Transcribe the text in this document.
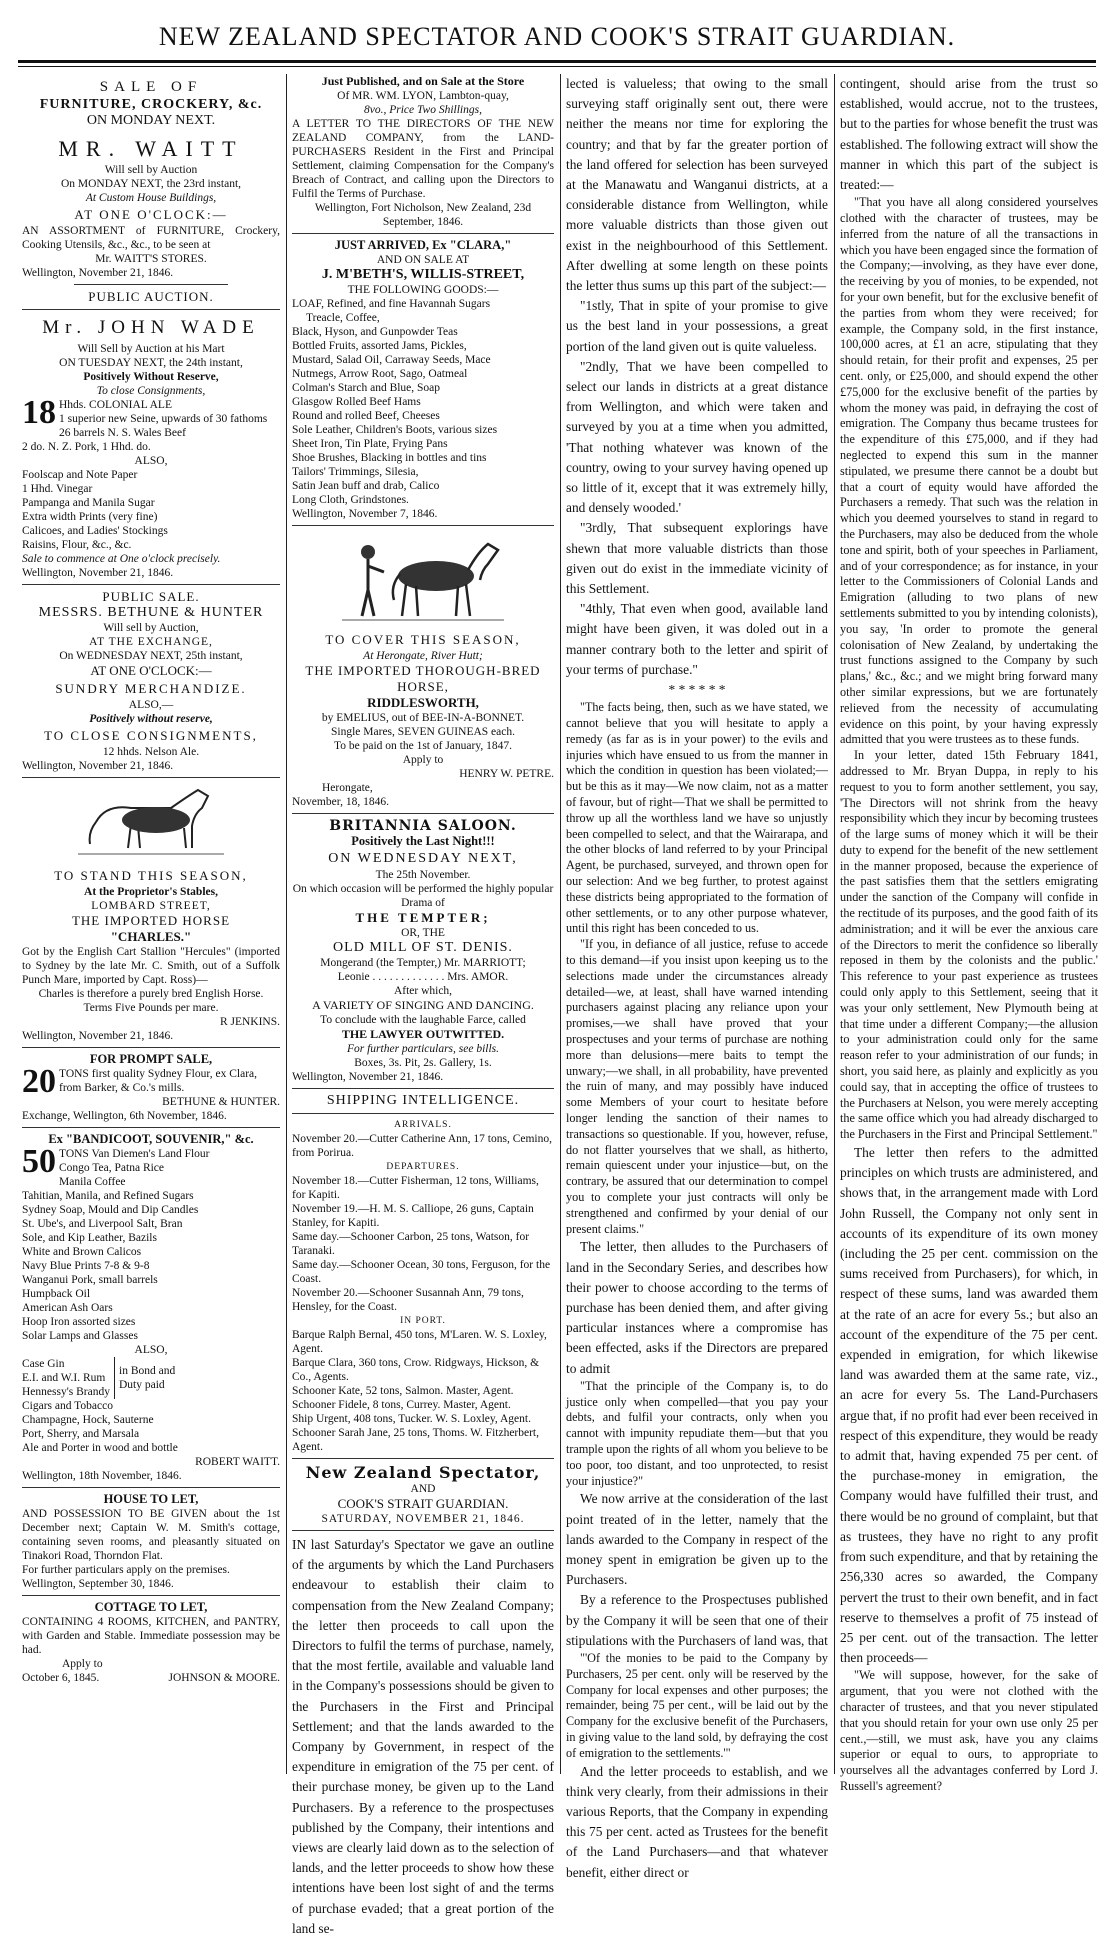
NEW ZEALAND SPECTATOR AND COOK'S STRAIT GUARDIAN.
SALE OF
FURNITURE, CROCKERY, &c.
ON MONDAY NEXT.
MR. WAITT
Will sell by Auction
On MONDAY NEXT, the 23rd instant,
At Custom House Buildings,
AT ONE O'CLOCK:—
AN ASSORTMENT of FURNITURE, Crockery, Cooking Utensils, &c., &c., to be seen at
Mr. WAITT'S STORES.
Wellington, November 21, 1846.
PUBLIC AUCTION.
Mr. JOHN WADE
Will Sell by Auction at his Mart
ON TUESDAY NEXT, the 24th instant,
Positively Without Reserve,
To close Consignments,
18 Hhds. COLONIAL ALE
1 superior new Seine, upwards of 30 fathoms
26 barrels N. S. Wales Beef
2 do. N. Z. Pork, 1 Hhd. do.
ALSO,
Foolscap and Note Paper
1 Hhd. Vinegar
Pampanga and Manila Sugar
Extra width Prints (very fine)
Calicoes, and Ladies' Stockings
Raisins, Flour, &c., &c.
Sale to commence at One o'clock precisely.
Wellington, November 21, 1846.
PUBLIC SALE.
MESSRS. BETHUNE & HUNTER
Will sell by Auction,
AT THE EXCHANGE,
On WEDNESDAY NEXT, 25th instant,
AT ONE O'CLOCK:—
SUNDRY MERCHANDIZE.
ALSO,—
Positively without reserve,
TO CLOSE CONSIGNMENTS,
12 hhds. Nelson Ale.
Wellington, November 21, 1846.
TO STAND THIS SEASON,
At the Proprietor's Stables,
LOMBARD STREET,
THE IMPORTED HORSE
"CHARLES."
Got by the English Cart Stallion "Hercules" (imported to Sydney by the late Mr. C. Smith, out of a Suffolk Punch Mare, imported by Capt. Ross)—
Charles is therefore a purely bred English Horse.
Terms Five Pounds per mare.
R JENKINS.
Wellington, November 21, 1846.
FOR PROMPT SALE,
20 TONS first quality Sydney Flour, ex Clara, from Barker, & Co.'s mills.
BETHUNE & HUNTER.
Exchange, Wellington, 6th November, 1846.
Ex "BANDICOOT, SOUVENIR," &c.
50 TONS Van Diemen's Land Flour
Congo Tea, Patna Rice
Manila Coffee
Tahitian, Manila, and Refined Sugars
Sydney Soap, Mould and Dip Candles
St. Ube's, and Liverpool Salt, Bran
Sole, and Kip Leather, Bazils
White and Brown Calicos
Navy Blue Prints 7-8 & 9-8
Wanganui Pork, small barrels
Humpback Oil
American Ash Oars
Hoop Iron assorted sizes
Solar Lamps and Glasses
ALSO,
Case Gin
E.I. and W.I. Rum
Hennessy's Brandy
in Bond and Duty paid
Cigars and Tobacco
Champagne, Hock, Sauterne
Port, Sherry, and Marsala
Ale and Porter in wood and bottle
ROBERT WAITT.
Wellington, 18th November, 1846.
HOUSE TO LET,
AND POSSESSION TO BE GIVEN about the 1st December next; Captain W. M. Smith's cottage, containing seven rooms, and pleasantly situated on Tinakori Road, Thorndon Flat.
For further particulars apply on the premises.
Wellington, September 30, 1846.
COTTAGE TO LET,
CONTAINING 4 ROOMS, KITCHEN, and PANTRY, with Garden and Stable. Immediate possession may be had.
Apply to
October 6, 1845.	JOHNSON & MOORE.
Just Published, and on Sale at the Store
Of MR. WM. LYON, Lambton-quay,
8vo., Price Two Shillings,
A LETTER TO THE DIRECTORS OF THE NEW ZEALAND COMPANY, from the LAND-PURCHASERS Resident in the First and Principal Settlement, claiming Compensation for the Company's Breach of Contract, and calling upon the Directors to Fulfil the Terms of Purchase.
Wellington, Fort Nicholson, New Zealand, 23d September, 1846.
JUST ARRIVED, Ex "CLARA,"
AND ON SALE AT
J. M'BETH'S, WILLIS-STREET,
THE FOLLOWING GOODS:—
LOAF, Refined, and fine Havannah Sugars
Treacle, Coffee,
Black, Hyson, and Gunpowder Teas
Bottled Fruits, assorted Jams, Pickles,
Mustard, Salad Oil, Carraway Seeds, Mace
Nutmegs, Arrow Root, Sago, Oatmeal
Colman's Starch and Blue, Soap
Glasgow Rolled Beef Hams
Round and rolled Beef, Cheeses
Sole Leather, Children's Boots, various sizes
Sheet Iron, Tin Plate, Frying Pans
Shoe Brushes, Blacking in bottles and tins
Tailors' Trimmings, Silesia,
Satin Jean buff and drab, Calico
Long Cloth, Grindstones.
Wellington, November 7, 1846.
TO COVER THIS SEASON,
At Herongate, River Hutt;
THE IMPORTED THOROUGH-BRED HORSE,
RIDDLESWORTH,
by EMELIUS, out of BEE-IN-A-BONNET.
Single Mares, SEVEN GUINEAS each.
To be paid on the 1st of January, 1847.
Apply to
HENRY W. PETRE.
Herongate,
November, 18, 1846.
BRITANNIA SALOON.
Positively the Last Night!!!
ON WEDNESDAY NEXT,
The 25th November.
On which occasion will be performed the highly popular Drama of
THE TEMPTER;
OR, THE
OLD MILL OF ST. DENIS.
Mongerand (the Tempter,) Mr. MARRIOTT;
Leonie . . . . . . . . . . . . . Mrs. AMOR.
After which,
A VARIETY OF SINGING AND DANCING.
To conclude with the laughable Farce, called
THE LAWYER OUTWITTED.
For further particulars, see bills.
Boxes, 3s. Pit, 2s. Gallery, 1s.
Wellington, November 21, 1846.
SHIPPING INTELLIGENCE.
ARRIVALS.
November 20.—Cutter Catherine Ann, 17 tons, Cemino, from Porirua.
DEPARTURES.
November 18.—Cutter Fisherman, 12 tons, Williams, for Kapiti.
November 19.—H. M. S. Calliope, 26 guns, Captain Stanley, for Kapiti.
Same day.—Schooner Carbon, 25 tons, Watson, for Taranaki.
Same day.—Schooner Ocean, 30 tons, Ferguson, for the Coast.
November 20.—Schooner Susannah Ann, 79 tons, Hensley, for the Coast.
IN PORT.
Barque Ralph Bernal, 450 tons, M'Laren. W. S. Loxley, Agent.
Barque Clara, 360 tons, Crow. Ridgways, Hickson, & Co., Agents.
Schooner Kate, 52 tons, Salmon. Master, Agent.
Schooner Fidele, 8 tons, Currey. Master, Agent.
Ship Urgent, 408 tons, Tucker. W. S. Loxley, Agent.
Schooner Sarah Jane, 25 tons, Thoms. W. Fitzherbert, Agent.
New Zealand Spectator,
AND
COOK'S STRAIT GUARDIAN.
SATURDAY, NOVEMBER 21, 1846.

IN last Saturday's Spectator we gave an outline of the arguments by which the Land Purchasers endeavour to establish their claim to compensation from the New Zealand Company; the letter then proceeds to call upon the Directors to fulfil the terms of purchase, namely, that the most fertile, available and valuable land in the Company's possessions should be given to the Purchasers in the First and Principal Settlement; and that the lands awarded to the Company by Government, in respect of the expenditure in emigration of the 75 per cent. of their purchase money, be given up to the Land Purchasers. By a reference to the prospectuses published by the Company, their intentions and views are clearly laid down as to the selection of lands, and the letter proceeds to show how these intentions have been lost sight of and the terms of purchase evaded; that a great portion of the land se-

lected is valueless; that owing to the small surveying staff originally sent out, there were neither the means nor time for exploring the country; and that by far the greater portion of the land offered for selection has been surveyed at the Manawatu and Wanganui districts, at a considerable distance from Wellington, while more valuable districts than those given out exist in the neighbourhood of this Settlement. After dwelling at some length on these points the letter thus sums up this part of the subject:—

"1stly, That in spite of your promise to give us the best land in your possessions, a great portion of the land given out is quite valueless.

"2ndly, That we have been compelled to select our lands in districts at a great distance from Wellington, and which were taken and surveyed by you at a time when you admitted, 'That nothing whatever was known of the country, owing to your survey having opened up so little of it, except that it was extremely hilly, and densely wooded.'

"3rdly, That subsequent explorings have shewn that more valuable districts than those given out do exist in the immediate vicinity of this Settlement.

"4thly, That even when good, available land might have been given, it was doled out in a manner contrary both to the letter and spirit of your terms of purchase."

* * * * * *

"The facts being, then, such as we have stated, we cannot believe that you will hesitate to apply a remedy (as far as is in your power) to the evils and injuries which have ensued to us from the manner in which the condition in question has been violated;—but be this as it may—We now claim, not as a matter of favour, but of right—That we shall be permitted to throw up all the worthless land we have so unjustly been compelled to select, and that the Wairarapa, and the other blocks of land referred to by your Principal Agent, be purchased, surveyed, and thrown open for our selection: And we beg further, to protest against these districts being appropriated to the formation of other settlements, or to any other purpose whatever, until this right has been conceded to us.

"If you, in defiance of all justice, refuse to accede to this demand—if you insist upon keeping us to the selections made under the circumstances already detailed—we, at least, shall have warned intending purchasers against placing any reliance upon your promises,—we shall have proved that your prospectuses and your terms of purchase are nothing more than delusions—mere baits to tempt the unwary;—we shall, in all probability, have prevented the ruin of many, and may possibly have induced some Members of your court to hesitate before longer lending the sanction of their names to transactions so questionable. If you, however, refuse, do not flatter yourselves that we shall, as hitherto, remain quiescent under your injustice—but, on the contrary, be assured that our determination to compel you to complete your just contracts will only be strengthened and confirmed by your denial of our present claims."

The letter, then alludes to the Purchasers of land in the Secondary Series, and describes how their power to choose according to the terms of purchase has been denied them, and after giving particular instances where a compromise has been effected, asks if the Directors are prepared to admit

"That the principle of the Company is, to do justice only when compelled—that you pay your debts, and fulfil your contracts, only when you cannot with impunity repudiate them—but that you trample upon the rights of all whom you believe to be too poor, too distant, and too unprotected, to resist your injustice?"

We now arrive at the consideration of the last point treated of in the letter, namely that the lands awarded to the Company in respect of the money spent in emigration be given up to the Purchasers.

By a reference to the Prospectuses published by the Company it will be seen that one of their stipulations with the Purchasers of land was, that

"'Of the monies to be paid to the Company by Purchasers, 25 per cent. only will be reserved by the Company for local expenses and other purposes; the remainder, being 75 per cent., will be laid out by the Company for the exclusive benefit of the Purchasers, in giving value to the land sold, by defraying the cost of emigration to the settlements.'"

And the letter proceeds to establish, and we think very clearly, from their admissions in their various Reports, that the Company in expending this 75 per cent. acted as Trustees for the benefit of the Land Purchasers—and that whatever benefit, either direct or

contingent, should arise from the trust so established, would accrue, not to the trustees, but to the parties for whose benefit the trust was established. The following extract will show the manner in which this part of the subject is treated:—

"That you have all along considered yourselves clothed with the character of trustees, may be inferred from the nature of all the transactions in which you have been engaged since the formation of the Company;—involving, as they have ever done, the receiving by you of monies, to be expended, not for your own benefit, but for the exclusive benefit of the parties from whom they were received; for example, the Company sold, in the first instance, 100,000 acres, at £1 an acre, stipulating that they should retain, for their profit and expenses, 25 per cent. only, or £25,000, and should expend the other £75,000 for the exclusive benefit of the parties by whom the money was paid, in defraying the cost of emigration. The Company thus became trustees for the expenditure of this £75,000, and if they had neglected to expend this sum in the manner stipulated, we presume there cannot be a doubt but that a court of equity would have afforded the Purchasers a remedy. That such was the relation in which you deemed yourselves to stand in regard to the Purchasers, may also be deduced from the whole tone and spirit, both of your speeches in Parliament, and of your correspondence; as for instance, in your letter to the Commissioners of Colonial Lands and Emigration (alluding to two plans of new settlements submitted to you by intending colonists), you say, 'In order to promote the general colonisation of New Zealand, by undertaking the trust functions assigned to the Company by such plans,' &c., &c.; and we might bring forward many other similar expressions, but we are fortunately relieved from the necessity of accumulating evidence on this point, by your having expressly admitted that you were trustees as to these funds.

In your letter, dated 15th February 1841, addressed to Mr. Bryan Duppa, in reply to his request to you to form another settlement, you say, 'The Directors will not shrink from the heavy responsibility which they incur by becoming trustees of the large sums of money which it will be their duty to expend for the benefit of the new settlement in the manner proposed, because the experience of the past satisfies them that the settlers emigrating under the sanction of the Company will confide in the rectitude of its purposes, and the good faith of its administration; and it will be ever the anxious care of the Directors to merit the confidence so liberally reposed in them by the colonists and the public.' This reference to your past experience as trustees could only apply to this Settlement, seeing that it was your only settlement, New Plymouth being at that time under a different Company;—the allusion to your administration could only for the same reason refer to your administration of our funds; in short, you said here, as plainly and explicitly as you could say, that in accepting the office of trustees to the Purchasers at Nelson, you were merely accepting the same office which you had already discharged to the Purchasers in the First and Principal Settlement."

The letter then refers to the admitted principles on which trusts are administered, and shows that, in the arrangement made with Lord John Russell, the Company not only sent in accounts of its expenditure of its own money (including the 25 per cent. commission on the sums received from Purchasers), for which, in respect of these sums, land was awarded them at the rate of an acre for every 5s.; but also an account of the expenditure of the 75 per cent. expended in emigration, for which likewise land was awarded them at the same rate, viz., an acre for every 5s. The Land-Purchasers argue that, if no profit had ever been received in respect of this expenditure, they would be ready to admit that, having expended 75 per cent. of the purchase-money in emigration, the Company would have fulfilled their trust, and there would be no ground of complaint, but that as trustees, they have no right to any profit from such expenditure, and that by retaining the 256,330 acres so awarded, the Company pervert the trust to their own benefit, and in fact reserve to themselves a profit of 75 instead of 25 per cent. out of the transaction. The letter then proceeds—

"We will suppose, however, for the sake of argument, that you were not clothed with the character of trustees, and that you never stipulated that you should retain for your own use only 25 per cent.,—still, we must ask, have you any claims superior or equal to ours, to appropriate to yourselves all the advantages conferred by Lord J. Russell's agreement?
